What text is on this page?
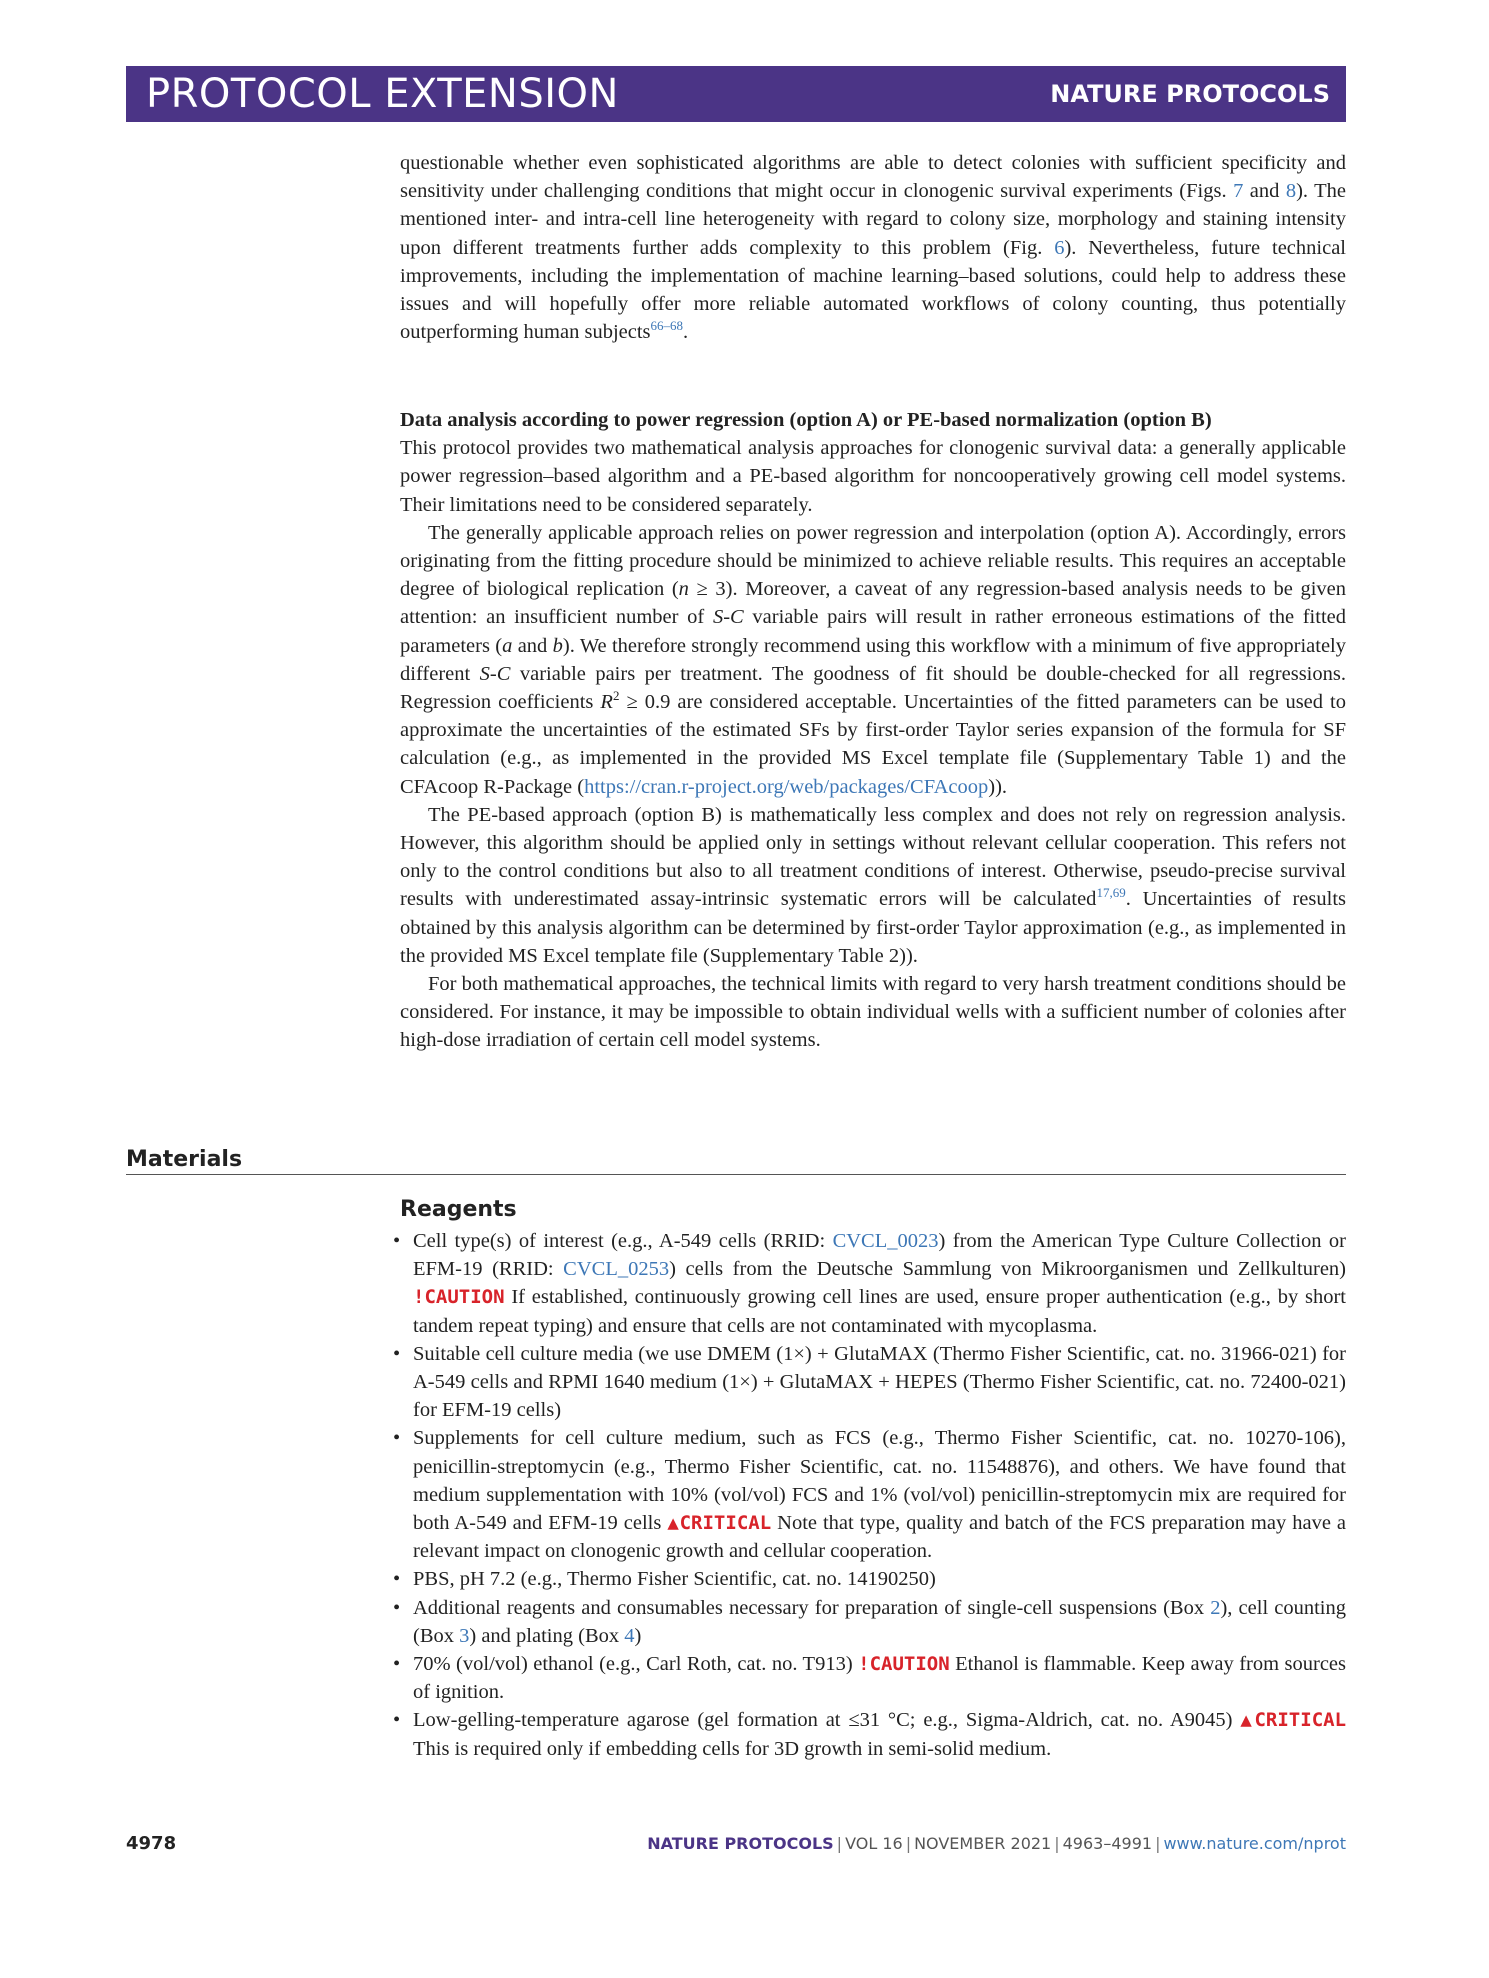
PROTOCOL EXTENSION	NATURE PROTOCOLS

questionable whether even sophisticated algorithms are able to detect colonies with sufficient specificity and sensitivity under challenging conditions that might occur in clonogenic survival experiments (Figs. 7 and 8). The mentioned inter- and intra-cell line heterogeneity with regard to colony size, morphology and staining intensity upon different treatments further adds complexity to this problem (Fig. 6). Nevertheless, future technical improvements, including the implementation of machine learning–based solutions, could help to address these issues and will hopefully offer more reliable automated workflows of colony counting, thus potentially outperforming human subjects$^{66-68}$.

Data analysis according to power regression (option A) or PE-based normalization (option B)

This protocol provides two mathematical analysis approaches for clonogenic survival data: a generally applicable power regression–based algorithm and a PE-based algorithm for noncooperatively growing cell model systems. Their limitations need to be considered separately.

The generally applicable approach relies on power regression and interpolation (option A). Accordingly, errors originating from the fitting procedure should be minimized to achieve reliable results. This requires an acceptable degree of biological replication (n ≥ 3). Moreover, a caveat of any regression-based analysis needs to be given attention: an insufficient number of S-C variable pairs will result in rather erroneous estimations of the fitted parameters (a and b). We therefore strongly recommend using this workflow with a minimum of five appropriately different S-C variable pairs per treatment. The goodness of fit should be double-checked for all regressions. Regression coefficients $R^2 \ge 0.9$ are considered acceptable. Uncertainties of the fitted parameters can be used to approximate the uncertainties of the estimated SFs by first-order Taylor series expansion of the formula for SF calculation (e.g., as implemented in the provided MS Excel template file (Supplementary Table 1) and the CFAcoop R-Package (https://cran.r-project.org/web/packages/CFAcoop)).

The PE-based approach (option B) is mathematically less complex and does not rely on regression analysis. However, this algorithm should be applied only in settings without relevant cellular cooperation. This refers not only to the control conditions but also to all treatment conditions of interest. Otherwise, pseudo-precise survival results with underestimated assay-intrinsic systematic errors will be calculated$^{17,69}$. Uncertainties of results obtained by this analysis algorithm can be determined by first-order Taylor approximation (e.g., as implemented in the provided MS Excel template file (Supplementary Table 2)).

For both mathematical approaches, the technical limits with regard to very harsh treatment conditions should be considered. For instance, it may be impossible to obtain individual wells with a sufficient number of colonies after high-dose irradiation of certain cell model systems.

Materials
Reagents

• Cell type(s) of interest (e.g., A-549 cells (RRID: CVCL_0023) from the American Type Culture Collection or EFM-19 (RRID: CVCL_0253) cells from the Deutsche Sammlung von Mikroorganismen und Zellkulturen) !CAUTION If established, continuously growing cell lines are used, ensure proper authentication (e.g., by short tandem repeat typing) and ensure that cells are not contaminated with mycoplasma.

• Suitable cell culture media (we use DMEM (1×) + GlutaMAX (Thermo Fisher Scientific, cat. no. 31966-021) for A-549 cells and RPMI 1640 medium (1×) + GlutaMAX + HEPES (Thermo Fisher Scientific, cat. no. 72400-021) for EFM-19 cells)

• Supplements for cell culture medium, such as FCS (e.g., Thermo Fisher Scientific, cat. no. 10270-106), penicillin-streptomycin (e.g., Thermo Fisher Scientific, cat. no. 11548876), and others. We have found that medium supplementation with 10% (vol/vol) FCS and 1% (vol/vol) penicillin-streptomycin mix are required for both A-549 and EFM-19 cells ▲CRITICAL Note that type, quality and batch of the FCS preparation may have a relevant impact on clonogenic growth and cellular cooperation.

• PBS, pH 7.2 (e.g., Thermo Fisher Scientific, cat. no. 14190250)

• Additional reagents and consumables necessary for preparation of single-cell suspensions (Box 2), cell counting (Box 3) and plating (Box 4)

• 70% (vol/vol) ethanol (e.g., Carl Roth, cat. no. T913) !CAUTION Ethanol is flammable. Keep away from sources of ignition.

• Low-gelling-temperature agarose (gel formation at ≤31 °C; e.g., Sigma-Aldrich, cat. no. A9045) ▲CRITICAL This is required only if embedding cells for 3D growth in semi-solid medium.

4978	NATURE PROTOCOLS | VOL 16 | NOVEMBER 2021 | 4963–4991 | www.nature.com/nprot
